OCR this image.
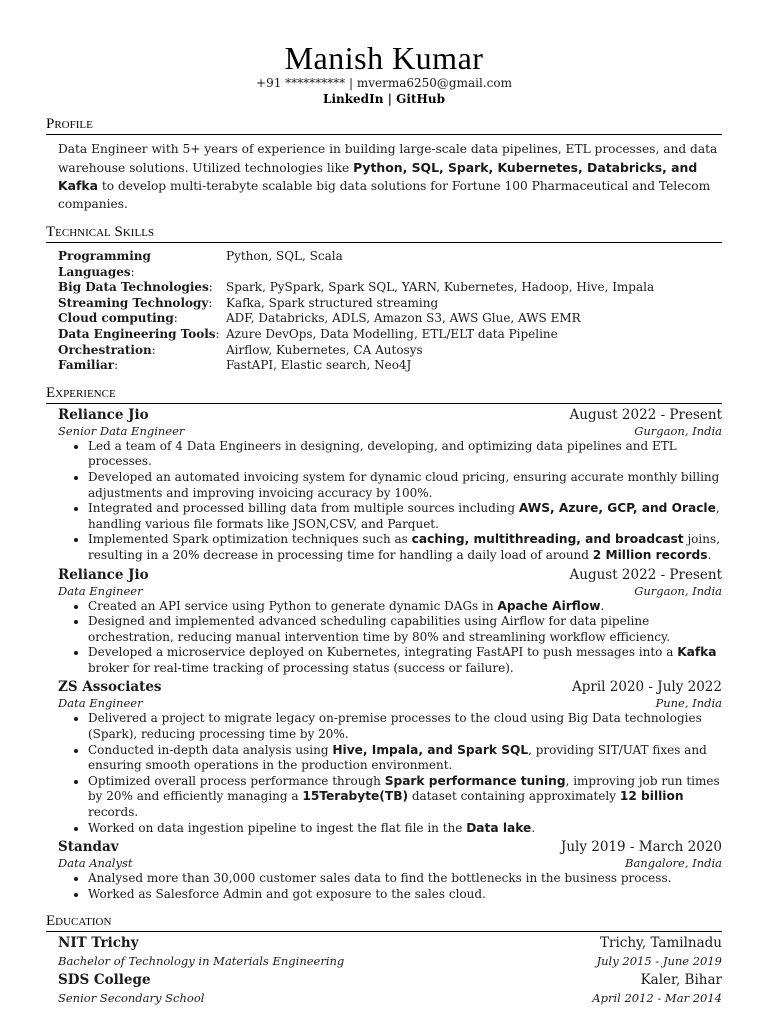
Manish Kumar
+91 ********** | mverma6250@gmail.com
LinkedIn | GitHub
Profile
Data Engineer with 5+ years of experience in building large-scale data pipelines, ETL processes, and data warehouse solutions. Utilized technologies like Python, SQL, Spark, Kubernetes, Databricks, and Kafka to develop multi-terabyte scalable big data solutions for Fortune 100 Pharmaceutical and Telecom companies.
Technical Skills
Programming Languages:
Python, SQL, Scala
Big Data Technologies:	Spark, PySpark, Spark SQL, YARN, Kubernetes, Hadoop, Hive, Impala
Streaming Technology:	Kafka, Spark structured streaming
Cloud computing:	ADF, Databricks, ADLS, Amazon S3, AWS Glue, AWS EMR
Data Engineering Tools: Azure DevOps, Data Modelling, ETL/ELT data Pipeline
Orchestration:	Airflow, Kubernetes, CA Autosys
Familiar:	FastAPI, Elastic search, Neo4J
Experience
Reliance Jio	August 2022 - Present
Senior Data Engineer	Gurgaon, India
• Led a team of 4 Data Engineers in designing, developing, and optimizing data pipelines and ETL processes.
• Developed an automated invoicing system for dynamic cloud pricing, ensuring accurate monthly billing adjustments and improving invoicing accuracy by 100%.
• Integrated and processed billing data from multiple sources including AWS, Azure, GCP, and Oracle, handling various file formats like JSON,CSV, and Parquet.
• Implemented Spark optimization techniques such as caching, multithreading, and broadcast joins, resulting in a 20% decrease in processing time for handling a daily load of around 2 Million records.
Reliance Jio	August 2022 - Present
Data Engineer	Gurgaon, India
• Created an API service using Python to generate dynamic DAGs in Apache Airflow.
• Designed and implemented advanced scheduling capabilities using Airflow for data pipeline orchestration, reducing manual intervention time by 80% and streamlining workflow efficiency.
• Developed a microservice deployed on Kubernetes, integrating FastAPI to push messages into a Kafka broker for real-time tracking of processing status (success or failure).
ZS Associates	April 2020 - July 2022
Data Engineer	Pune, India
• Delivered a project to migrate legacy on-premise processes to the cloud using Big Data technologies (Spark), reducing processing time by 20%.
• Conducted in-depth data analysis using Hive, Impala, and Spark SQL, providing SIT/UAT fixes and ensuring smooth operations in the production environment.
• Optimized overall process performance through Spark performance tuning, improving job run times by 20% and efficiently managing a 15Terabyte(TB) dataset containing approximately 12 billion records.
• Worked on data ingestion pipeline to ingest the flat file in the Data lake.
Standav	July 2019 - March 2020
Data Analyst	Bangalore, India
• Analysed more than 30,000 customer sales data to find the bottlenecks in the business process.
• Worked as Salesforce Admin and got exposure to the sales cloud.
Education
NIT Trichy	Trichy, Tamilnadu
Bachelor of Technology in Materials Engineering	July 2015 - June 2019
SDS College	Kaler, Bihar
Senior Secondary School	April 2012 - Mar 2014
